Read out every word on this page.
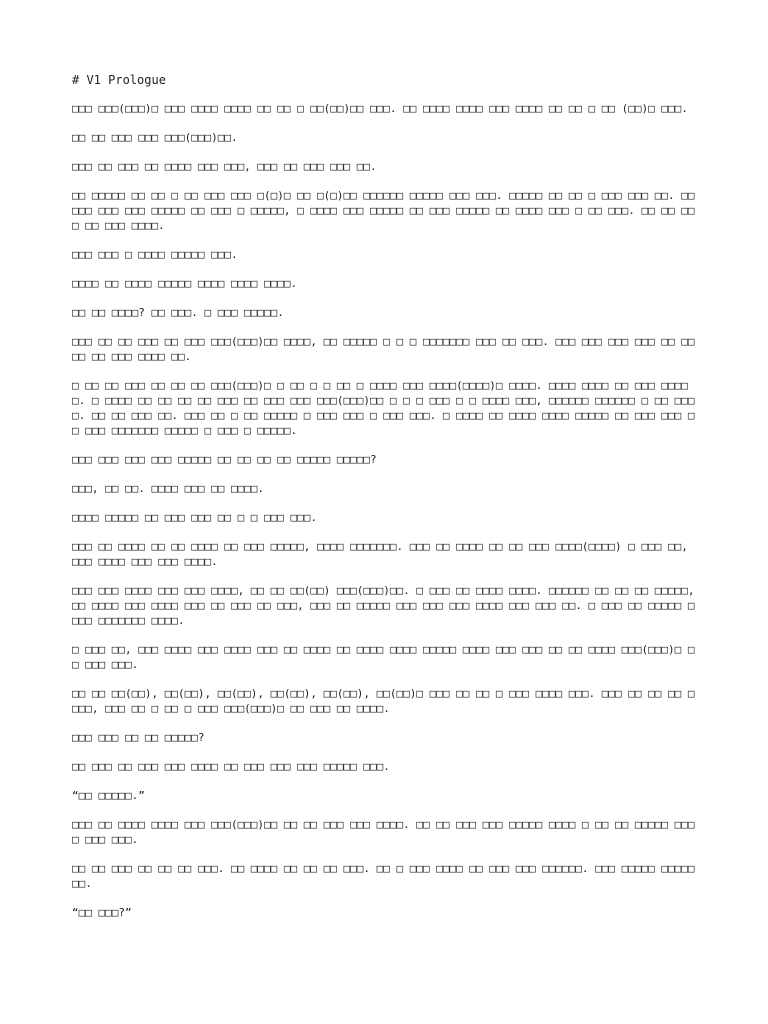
# V1 Prologue
□□□ □□□(□□□)□ □□□ □□□□ □□□□ □□ □□ □ □□(□□)□□ □□□. □□ □□□□ □□□□ □□□ □□□□ □□ □□ □ □□ (□□)□ □□□.
□□ □□ □□□ □□□ □□□(□□□)□□.
□□□ □□ □□□ □□ □□□□ □□□ □□□, □□□ □□ □□□ □□□ □□.
□□ □□□□□ □□ □□ □ □□ □□□ □□□ □(□)□ □□ □(□)□□ □□□□□□ □□□□□ □□□ □□□. □□□□□ □□ □□ □ □□□ □□□ □□. □□ □□□ □□□ □□□ □□□□□ □□ □□□ □ □□□□□, □ □□□□ □□□ □□□□□ □□ □□□ □□□□□ □□ □□□□ □□□ □ □□ □□□. □□ □□ □□□ □□ □□□ □□□□.
□□□ □□□ □ □□□□ □□□□□ □□□.
□□□□ □□ □□□□ □□□□□ □□□□ □□□□ □□□□.
□□ □□ □□□□? □□ □□□. □ □□□ □□□□□.
□□□ □□ □□ □□□ □□ □□□ □□□(□□□)□□ □□□□, □□ □□□□□ □ □ □ □□□□□□□ □□□ □□ □□□. □□□ □□□ □□□ □□□ □□ □□ □□ □□ □□□ □□□□ □□.
□ □□ □□ □□□ □□ □□ □□ □□□(□□□)□ □ □□ □ □ □□ □ □□□□ □□□ □□□□(□□□□)□ □□□□. □□□□ □□□□ □□ □□□ □□□□□. □ □□□□ □□ □□ □□ □□ □□□ □□ □□□ □□□ □□□(□□□)□□ □ □ □ □□□ □ □ □□□□ □□□, □□□□□□ □□□□□□ □ □□ □□□□. □□ □□ □□□ □□. □□□ □□ □ □□ □□□□□ □ □□□ □□□ □ □□□ □□□. □ □□□□ □□ □□□□ □□□□ □□□□□ □□ □□□ □□□ □□ □□□ □□□□□□□ □□□□□ □ □□□ □ □□□□□.
□□□ □□□ □□□ □□□ □□□□□ □□ □□ □□ □□ □□□□□ □□□□□?
□□□, □□ □□. □□□□ □□□ □□ □□□□.
□□□□ □□□□□ □□ □□□ □□□ □□ □ □ □□□ □□□.
□□□ □□ □□□□ □□ □□ □□□□ □□ □□□ □□□□□, □□□□ □□□□□□□. □□□ □□ □□□□ □□ □□ □□□ □□□□(□□□□) □ □□□ □□, □□□ □□□□ □□□ □□□ □□□□.
□□□ □□□ □□□□ □□□ □□□ □□□□, □□ □□ □□(□□) □□□(□□□)□□. □ □□□ □□ □□□□ □□□□. □□□□□□ □□ □□ □□ □□□□□, □□ □□□□ □□□ □□□□ □□□ □□ □□□ □□ □□□, □□□ □□ □□□□□ □□□ □□□ □□□ □□□□ □□□ □□□ □□. □ □□□ □□ □□□□□ □□□□ □□□□□□□ □□□□.
□ □□□ □□, □□□ □□□□ □□□ □□□□ □□□ □□ □□□□ □□ □□□□ □□□□ □□□□□ □□□□ □□□ □□□ □□ □□ □□□□ □□□(□□□)□ □□ □□□ □□□.
□□ □□ □□(□□), □□(□□), □□(□□), □□(□□), □□(□□), □□(□□)□ □□□ □□ □□ □ □□□ □□□□ □□□. □□□ □□ □□ □□ □ □□□, □□□ □□ □ □□ □ □□□ □□□(□□□)□ □□ □□□ □□ □□□□.
□□□ □□□ □□ □□ □□□□□?
□□ □□□ □□ □□□ □□□ □□□□ □□ □□□ □□□ □□□ □□□□□ □□□.
“□□ □□□□□.”
□□□ □□ □□□□ □□□□ □□□ □□□(□□□)□□ □□ □□ □□□ □□□ □□□□. □□ □□ □□□ □□□ □□□□□ □□□□ □ □□ □□ □□□□□ □□□□ □□□ □□□.
□□ □□ □□□ □□ □□ □□ □□□. □□ □□□□ □□ □□ □□ □□□. □□ □ □□□ □□□□ □□ □□□ □□□ □□□□□□. □□□ □□□□□ □□□□□ □□.
“□□ □□□?”
